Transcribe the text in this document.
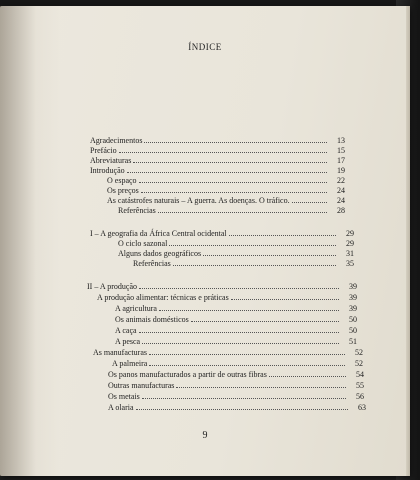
ÍNDICE
Agradecimentos	13
Prefácio	15
Abreviaturas	17
Introdução	19
O espaço	22
Os preços	24
As catástrofes naturais – A guerra. As doenças. O tráfico.	24
Referências	28
I – A geografia da África Central ocidental	29
O ciclo sazonal	29
Alguns dados geográficos	31
Referências	35
II – A produção	39
A produção alimentar: técnicas e práticas	39
A agricultura	39
Os animais domésticos	50
A caça	50
A pesca	51
As manufacturas	52
A palmeira	52
Os panos manufacturados a partir de outras fibras	54
Outras manufacturas	55
Os metais	56
A olaria	63
9
